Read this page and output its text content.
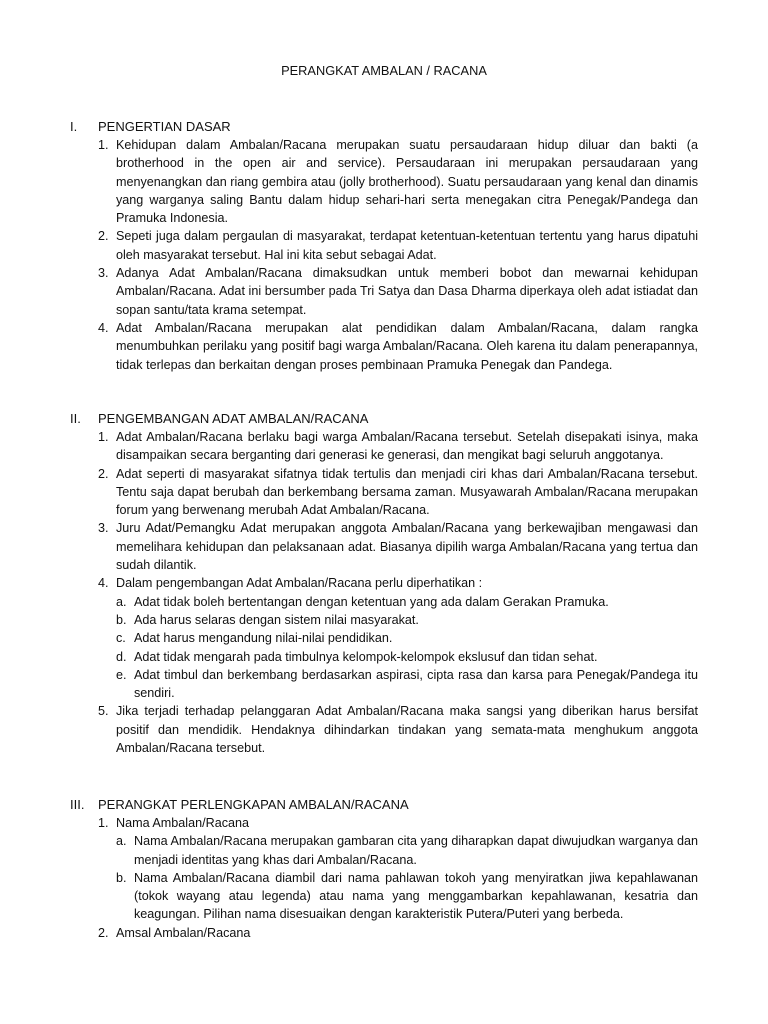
PERANGKAT AMBALAN / RACANA
I. PENGERTIAN DASAR
1. Kehidupan dalam Ambalan/Racana merupakan suatu persaudaraan hidup diluar dan bakti (a brotherhood in the open air and service). Persaudaraan ini merupakan persaudaraan yang menyenangkan dan riang gembira atau (jolly brotherhood). Suatu persaudaraan yang kenal dan dinamis yang warganya saling Bantu dalam hidup sehari-hari serta menegakan citra Penegak/Pandega dan Pramuka Indonesia.

2. Sepeti juga dalam pergaulan di masyarakat, terdapat ketentuan-ketentuan tertentu yang harus dipatuhi oleh masyarakat tersebut. Hal ini kita sebut sebagai Adat.

3. Adanya Adat Ambalan/Racana dimaksudkan untuk memberi bobot dan mewarnai kehidupan Ambalan/Racana. Adat ini bersumber pada Tri Satya dan Dasa Dharma diperkaya oleh adat istiadat dan sopan santu/tata krama setempat.

4. Adat Ambalan/Racana merupakan alat pendidikan dalam Ambalan/Racana, dalam rangka menumbuhkan perilaku yang positif bagi warga Ambalan/Racana. Oleh karena itu dalam penerapannya, tidak terlepas dan berkaitan dengan proses pembinaan Pramuka Penegak dan Pandega.

II. PENGEMBANGAN ADAT AMBALAN/RACANA
1. Adat Ambalan/Racana berlaku bagi warga Ambalan/Racana tersebut. Setelah disepakati isinya, maka disampaikan secara berganting dari generasi ke generasi, dan mengikat bagi seluruh anggotanya.

2. Adat seperti di masyarakat sifatnya tidak tertulis dan menjadi ciri khas dari Ambalan/Racana tersebut. Tentu saja dapat berubah dan berkembang bersama zaman. Musyawarah Ambalan/Racana merupakan forum yang berwenang merubah Adat Ambalan/Racana.

3. Juru Adat/Pemangku Adat merupakan anggota Ambalan/Racana yang berkewajiban mengawasi dan memelihara kehidupan dan pelaksanaan adat. Biasanya dipilih warga Ambalan/Racana yang tertua dan sudah dilantik.

4. Dalam pengembangan Adat Ambalan/Racana perlu diperhatikan :

a. Adat tidak boleh bertentangan dengan ketentuan yang ada dalam Gerakan Pramuka.

b. Ada harus selaras dengan sistem nilai masyarakat.

c. Adat harus mengandung nilai-nilai pendidikan.

d. Adat tidak mengarah pada timbulnya kelompok-kelompok ekslusuf dan tidan sehat.

e. Adat timbul dan berkembang berdasarkan aspirasi, cipta rasa dan karsa para Penegak/Pandega itu sendiri.

5. Jika terjadi terhadap pelanggaran Adat Ambalan/Racana maka sangsi yang diberikan harus bersifat positif dan mendidik. Hendaknya dihindarkan tindakan yang semata-mata menghukum anggota Ambalan/Racana tersebut.

III. PERANGKAT PERLENGKAPAN AMBALAN/RACANA
1. Nama Ambalan/Racana

a. Nama Ambalan/Racana merupakan gambaran cita yang diharapkan dapat diwujudkan warganya dan menjadi identitas yang khas dari Ambalan/Racana.

b. Nama Ambalan/Racana diambil dari nama pahlawan tokoh yang menyiratkan jiwa kepahlawanan (tokok wayang atau legenda) atau nama yang menggambarkan kepahlawanan, kesatria dan keagungan. Pilihan nama disesuaikan dengan karakteristik Putera/Puteri yang berbeda.

2. Amsal Ambalan/Racana
